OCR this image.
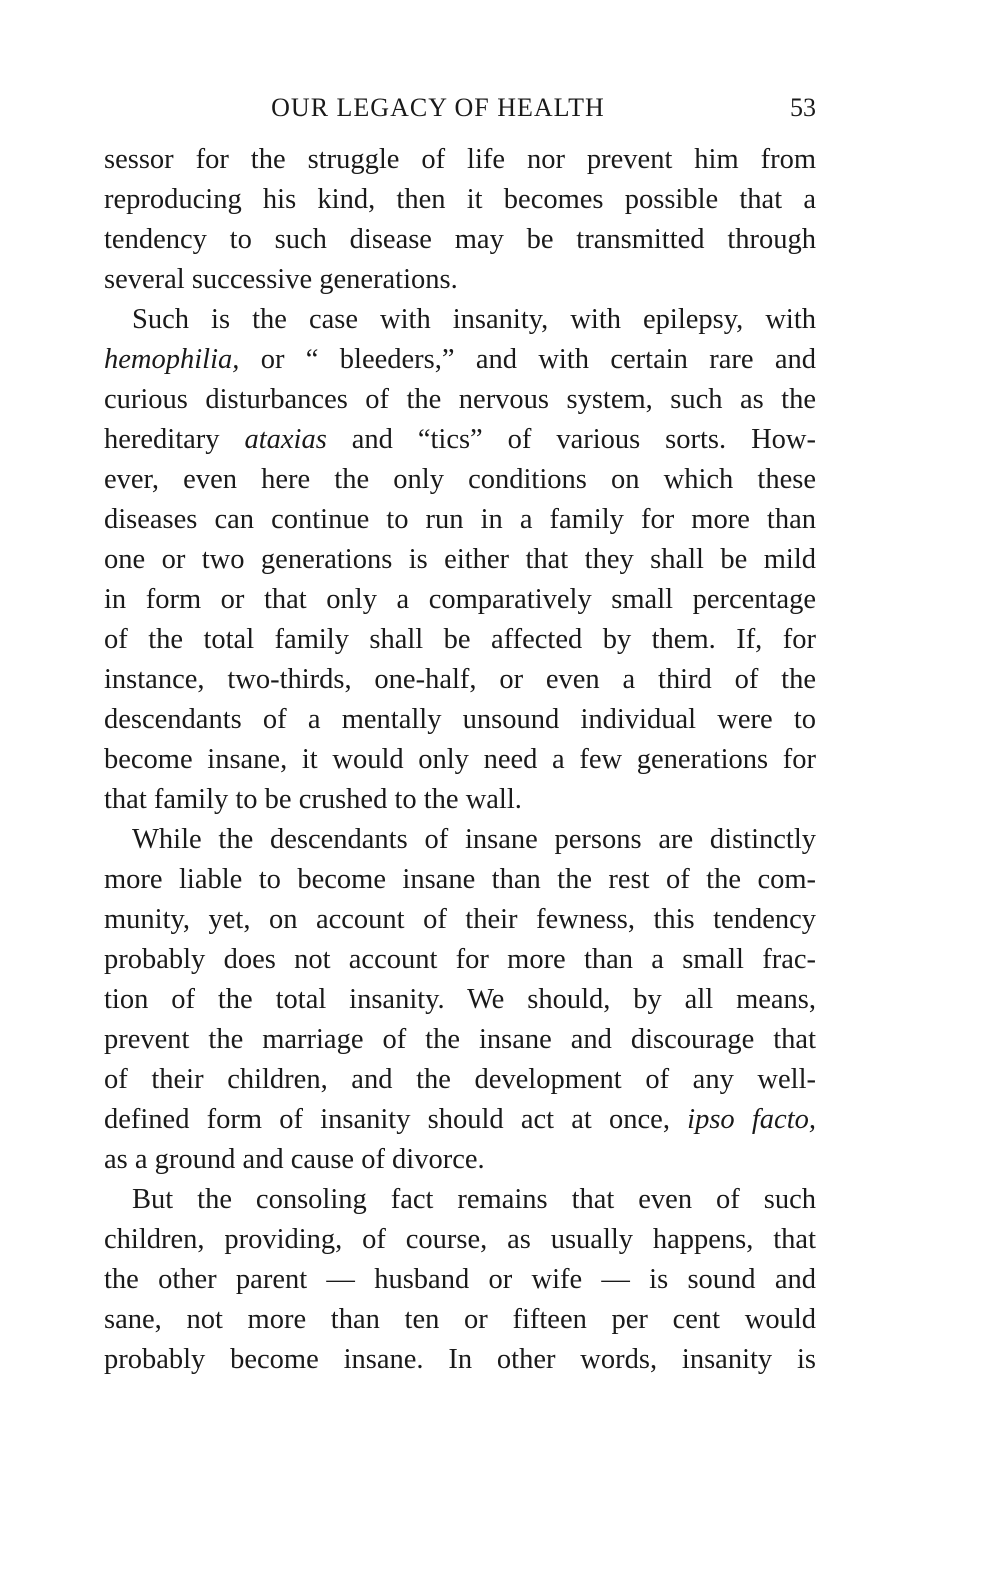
OUR LEGACY OF HEALTH	53
sessor for the struggle of life nor prevent him from
reproducing his kind, then it becomes possible that a
tendency to such disease may be transmitted through
several successive generations.
Such is the case with insanity, with epilepsy, with
hemophilia, or “ bleeders,” and with certain rare and
curious disturbances of the nervous system, such as the
hereditary ataxias and “tics” of various sorts. How-
ever, even here the only conditions on which these
diseases can continue to run in a family for more than
one or two generations is either that they shall be mild
in form or that only a comparatively small percentage
of the total family shall be affected by them. If, for
instance, two-thirds, one-half, or even a third of the
descendants of a mentally unsound individual were to
become insane, it would only need a few generations for
that family to be crushed to the wall.
While the descendants of insane persons are distinctly
more liable to become insane than the rest of the com-
munity, yet, on account of their fewness, this tendency
probably does not account for more than a small frac-
tion of the total insanity. We should, by all means,
prevent the marriage of the insane and discourage that
of their children, and the development of any well-
defined form of insanity should act at once, ipso facto,
as a ground and cause of divorce.
But the consoling fact remains that even of such
children, providing, of course, as usually happens, that
the other parent — husband or wife — is sound and
sane, not more than ten or fifteen per cent would
probably become insane. In other words, insanity is
